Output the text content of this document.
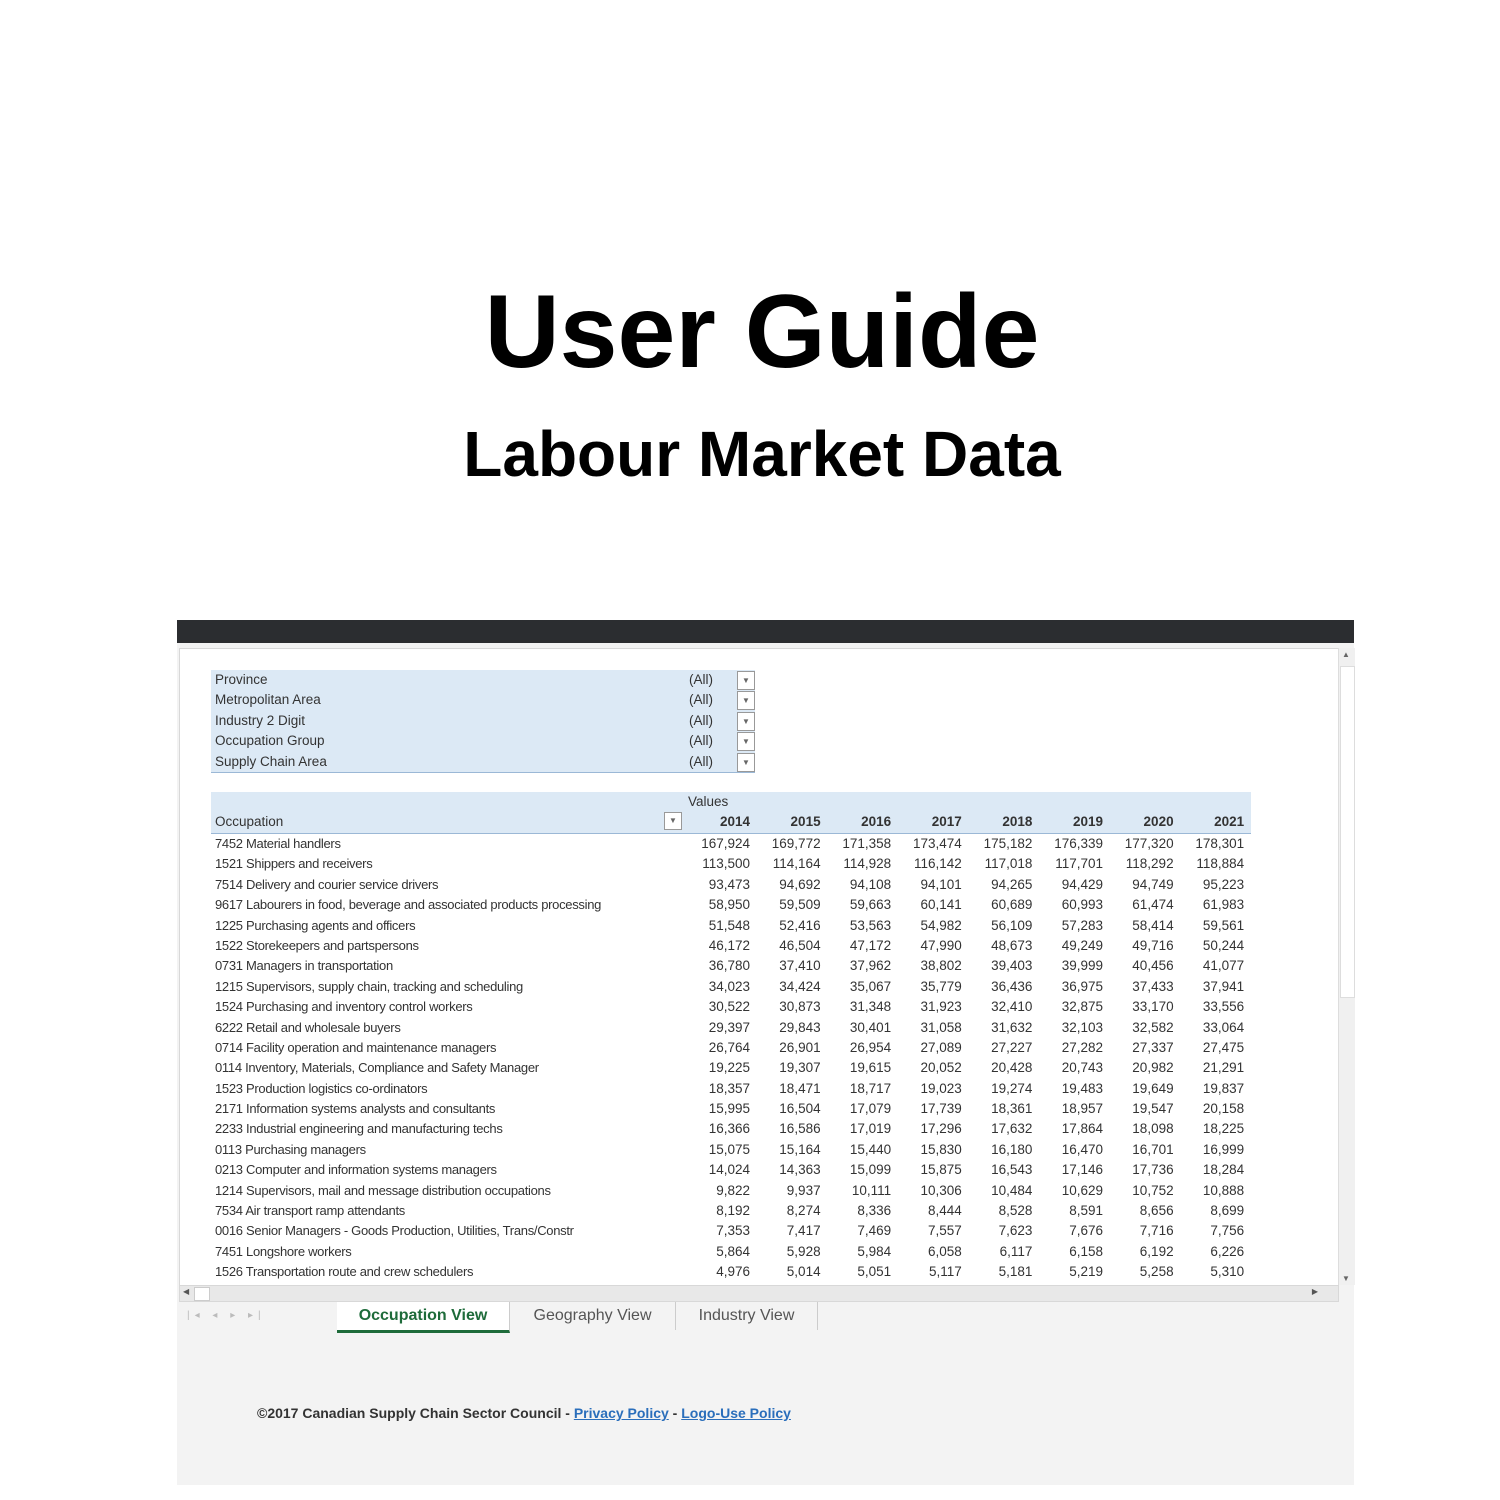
User Guide
Labour Market Data
Province	(All)	▼
Metropolitan Area	(All)	▼
Industry 2 Digit	(All)	▼
Occupation Group	(All)	▼
Supply Chain Area	(All)	▼
Values
Occupation	▼	2014	2015	2016	2017	2018	2019	2020	2021
7452 Material handlers	167,924	169,772	171,358	173,474	175,182	176,339	177,320	178,301
1521 Shippers and receivers	113,500	114,164	114,928	116,142	117,018	117,701	118,292	118,884
7514 Delivery and courier service drivers	93,473	94,692	94,108	94,101	94,265	94,429	94,749	95,223
9617 Labourers in food, beverage and associated products processing	58,950	59,509	59,663	60,141	60,689	60,993	61,474	61,983
1225 Purchasing agents and officers	51,548	52,416	53,563	54,982	56,109	57,283	58,414	59,561
1522 Storekeepers and partspersons	46,172	46,504	47,172	47,990	48,673	49,249	49,716	50,244
0731 Managers in transportation	36,780	37,410	37,962	38,802	39,403	39,999	40,456	41,077
1215 Supervisors, supply chain, tracking and scheduling	34,023	34,424	35,067	35,779	36,436	36,975	37,433	37,941
1524 Purchasing and inventory control workers	30,522	30,873	31,348	31,923	32,410	32,875	33,170	33,556
6222 Retail and wholesale buyers	29,397	29,843	30,401	31,058	31,632	32,103	32,582	33,064
0714 Facility operation and maintenance managers	26,764	26,901	26,954	27,089	27,227	27,282	27,337	27,475
0114 Inventory, Materials, Compliance and Safety Manager	19,225	19,307	19,615	20,052	20,428	20,743	20,982	21,291
1523 Production logistics co-ordinators	18,357	18,471	18,717	19,023	19,274	19,483	19,649	19,837
2171 Information systems analysts and consultants	15,995	16,504	17,079	17,739	18,361	18,957	19,547	20,158
2233 Industrial engineering and manufacturing techs	16,366	16,586	17,019	17,296	17,632	17,864	18,098	18,225
0113 Purchasing managers	15,075	15,164	15,440	15,830	16,180	16,470	16,701	16,999
0213 Computer and information systems managers	14,024	14,363	15,099	15,875	16,543	17,146	17,736	18,284
1214 Supervisors, mail and message distribution occupations	9,822	9,937	10,111	10,306	10,484	10,629	10,752	10,888
7534 Air transport ramp attendants	8,192	8,274	8,336	8,444	8,528	8,591	8,656	8,699
0016 Senior Managers - Goods Production, Utilities, Trans/Constr	7,353	7,417	7,469	7,557	7,623	7,676	7,716	7,756
7451 Longshore workers	5,864	5,928	5,984	6,058	6,117	6,158	6,192	6,226
1526 Transportation route and crew schedulers	4,976	5,014	5,051	5,117	5,181	5,219	5,258	5,310
▲
▼
◀	▶
|◂ ◂ ▸ ▸|	Occupation View	Geography View	Industry View
©2017 Canadian Supply Chain Sector Council - Privacy Policy - Logo-Use Policy
